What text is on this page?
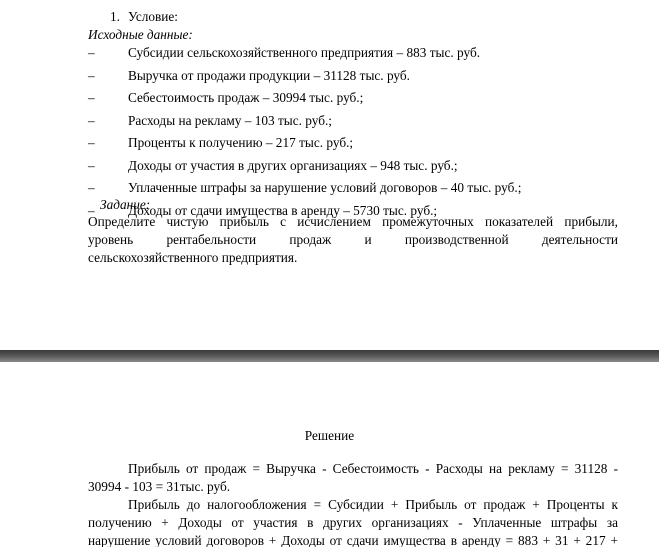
1. Условие:
Исходные данные:
–	Субсидии сельскохозяйственного предприятия – 883 тыс. руб.
–	Выручка от продажи продукции – 31128 тыс. руб.
–	Себестоимость продаж – 30994 тыс. руб.;
–	Расходы на рекламу – 103 тыс. руб.;
–	Проценты к получению – 217 тыс. руб.;
–	Доходы от участия в других организациях – 948 тыс. руб.;
–	Уплаченные штрафы за нарушение условий договоров – 40 тыс. руб.;
–	Доходы от сдачи имущества в аренду – 5730 тыс. руб.;
Задание:
Определите чистую прибыль с исчислением промежуточных показателей прибыли,
уровень рентабельности продаж и производственной деятельности
сельскохозяйственного предприятия.
Решение
Прибыль от продаж = Выручка - Себестоимость - Расходы на рекламу = 31128 -
30994 - 103 = 31тыс. руб.
Прибыль до налогообложения = Субсидии + Прибыль от продаж + Проценты к
получению + Доходы от участия в других организациях - Уплаченные штрафы за
нарушение условий договоров + Доходы от сдачи имущества в аренду = 883 + 31 + 217 +
